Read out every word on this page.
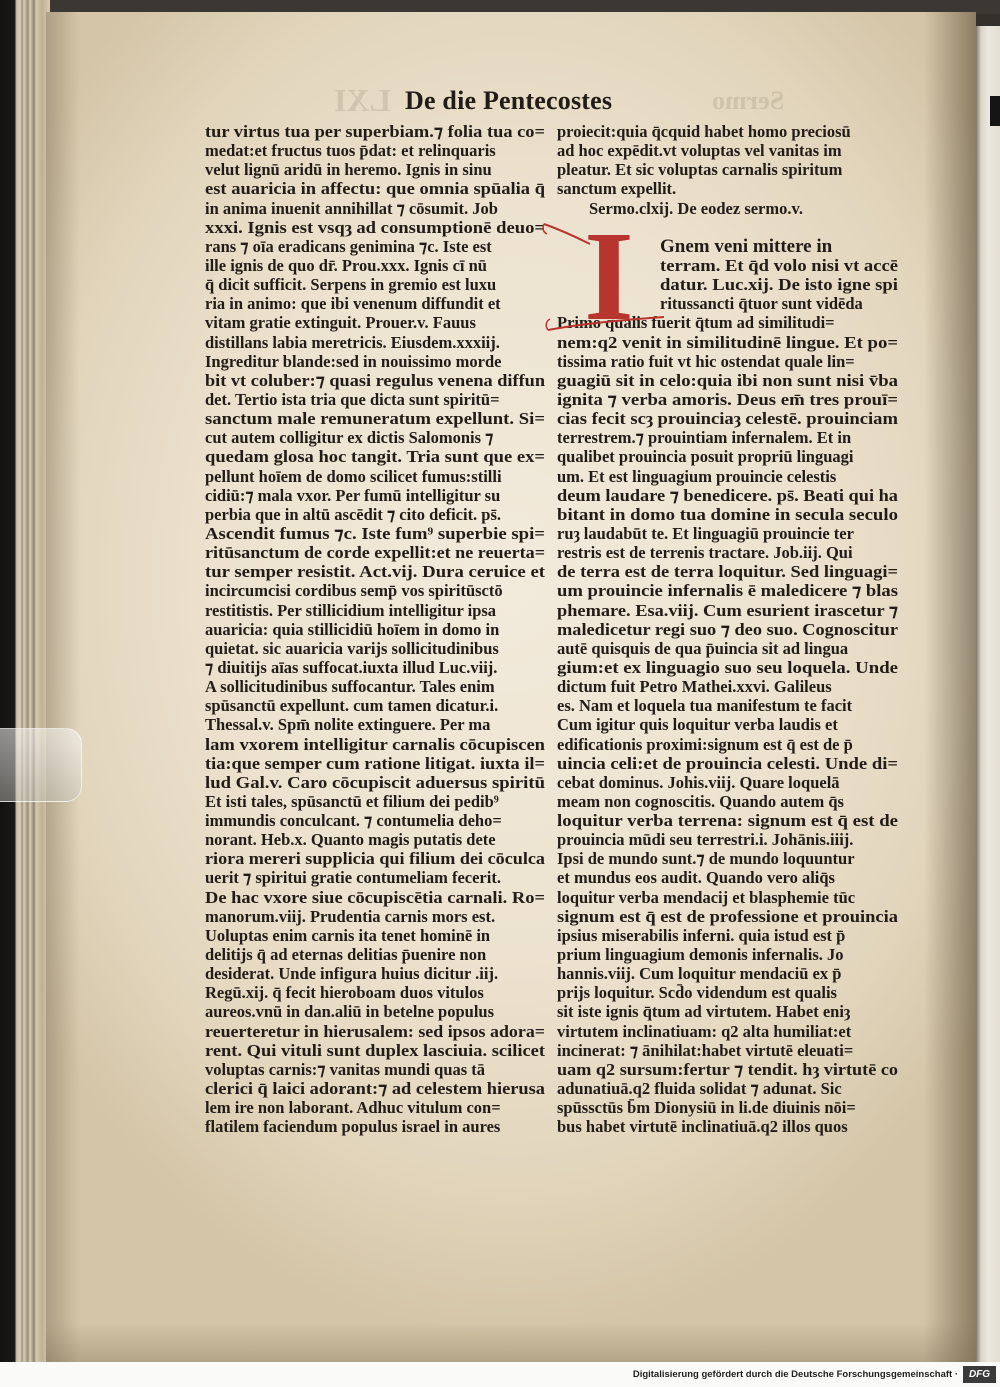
LXI	Sermo
De die Pentecostes
tur virtus tua per superbiam.⁊ folia tua co=
medat:et fructus tuos p̄dat: et relinquaris
velut lignū aridū in heremo. Ignis in sinu
est auaricia in affectu: que omnia spūalia q̄
in anima inuenit annihillat ⁊ cōsumit. Job
xxxi. Ignis est vsqȝ ad consumptionē deuo=
rans ⁊ oīa eradicans genimina ⁊c. Iste est
ille ignis de quo dr̄. Prou.xxx. Ignis cī nū
q̄ dicit sufficit. Serpens in gremio est luxu
ria in animo: que ibi venenum diffundit et
vitam gratie extinguit. Prouer.v. Fauus
distillans labia meretricis. Eiusdem.xxxiij.
Ingreditur blande:sed in nouissimo morde
bit vt coluber:⁊ quasi regulus venena diffun
det. Tertio ista tria que dicta sunt spiritū=
sanctum male remuneratum expellunt. Si=
cut autem colligitur ex dictis Salomonis ⁊
quedam glosa hoc tangit. Tria sunt que ex=
pellunt hoīem de domo scilicet fumus:stilli
cidiū:⁊ mala vxor. Per fumū intelligitur su
perbia que in altū ascēdit ⁊ cito deficit. ps̄.
Ascendit fumus ⁊c. Iste fum⁹ superbie spi=
ritūsanctum de corde expellit:et ne reuerta=
tur semper resistit. Act.vij. Dura ceruice et
incircumcisi cordibus semp̄ vos spiritūsctō
restitistis. Per stillicidium intelligitur ipsa
auaricia: quia stillicidiū hoīem in domo in
quietat. sic auaricia varijs sollicitudinibus
⁊ diuitijs aīas suffocat.iuxta illud Luc.viij.
A sollicitudinibus suffocantur. Tales enim
spūsanctū expellunt. cum tamen dicatur.i.
Thessal.v. Spm̄ nolite extinguere. Per ma
lam vxorem intelligitur carnalis cōcupiscen
tia:que semper cum ratione litigat. iuxta il=
lud Gal.v. Caro cōcupiscit aduersus spiritū
Et isti tales, spūsanctū et filium dei pedib⁹
immundis conculcant. ⁊ contumelia deho=
norant. Heb.x. Quanto magis putatis dete
riora mereri supplicia qui filium dei cōculca
uerit ⁊ spiritui gratie contumeliam fecerit.
De hac vxore siue cōcupiscētia carnali. Ro=
manorum.viij. Prudentia carnis mors est.
Uoluptas enim carnis ita tenet hominē in
delitijs q̄ ad eternas delitias p̄uenire non
desiderat. Unde infigura huius dicitur .iij.
Regū.xij. q̄ fecit hieroboam duos vitulos
aureos.vnū in dan.aliū in betelne populus
reuerteretur in hierusalem: sed ipsos adora=
rent. Qui vituli sunt duplex lasciuia. scilicet
voluptas carnis:⁊ vanitas mundi quas tā
clerici q̄ laici adorant:⁊ ad celestem hierusa
lem ire non laborant. Adhuc vitulum con=
flatilem faciendum populus israel in aures
proiecit:quia q̄cquid habet homo preciosū
ad hoc expēdit.vt voluptas vel vanitas im
pleatur. Et sic voluptas carnalis spiritum
sanctum expellit.
Sermo.clxij. De eodez sermo.v.
Gnem veni mittere in
terram. Et q̄d volo nisi vt accē
datur. Luc.xij. De isto igne spi
ritussancti q̄tuor sunt vidēda
Primo qualis fuerit q̄tum ad similitudi=
nem:q2 venit in similitudinē lingue. Et po=
tissima ratio fuit vt hic ostendat quale lin=
guagiū sit in celo:quia ibi non sunt nisi v̄ba
ignita ⁊ verba amoris. Deus em̄ tres prouī=
cias fecit scȝ prouinciaȝ celestē. prouinciam
terrestrem.⁊ prouintiam infernalem. Et in
qualibet prouincia posuit propriū linguagi
um. Et est linguagium prouincie celestis
deum laudare ⁊ benedicere. ps̄. Beati qui ha
bitant in domo tua domine in secula seculo
ruȝ laudabūt te. Et linguagiū prouincie ter
restris est de terrenis tractare. Job.iij. Qui
de terra est de terra loquitur. Sed linguagi=
um prouincie infernalis ē maledicere ⁊ blas
phemare. Esa.viij. Cum esurient irascetur ⁊
maledicetur regi suo ⁊ deo suo. Cognoscitur
autē quisquis de qua p̄uincia sit ad lingua
gium:et ex linguagio suo seu loquela. Unde
dictum fuit Petro Mathei.xxvi. Galileus
es. Nam et loquela tua manifestum te facit
Cum igitur quis loquitur verba laudis et
edificationis proximi:signum est q̄ est de p̄
uincia celi:et de prouincia celesti. Unde di=
cebat dominus. Johis.viij. Quare loquelā
meam non cognoscitis. Quando autem q̄s
loquitur verba terrena: signum est q̄ est de
prouincia mūdi seu terrestri.i. Johānis.iiij.
Ipsi de mundo sunt.⁊ de mundo loquuntur
et mundus eos audit. Quando vero aliq̄s
loquitur verba mendacij et blasphemie tūc
signum est q̄ est de professione et prouincia
ipsius miserabilis inferni. quia istud est p̄
prium linguagium demonis infernalis. Jo
hannis.viij. Cum loquitur mendaciū ex p̄
prijs loquitur. Scd̄o videndum est qualis
sit iste ignis q̄tum ad virtutem. Habet eniȝ
virtutem inclinatiuam: q2 alta humiliat:et
incinerat: ⁊ ānihilat:habet virtutē eleuati=
uam q2 sursum:fertur ⁊ tendit. hȝ virtutē co
adunatiuā.q2 fluida solidat ⁊ adunat. Sic
spūssctūs b̄m Dionysiū in li.de diuinis nōi=
bus habet virtutē inclinatiuā.q2 illos quos
I
Digitalisierung gefördert durch die Deutsche Forschungsgemeinschaft ·	DFG
